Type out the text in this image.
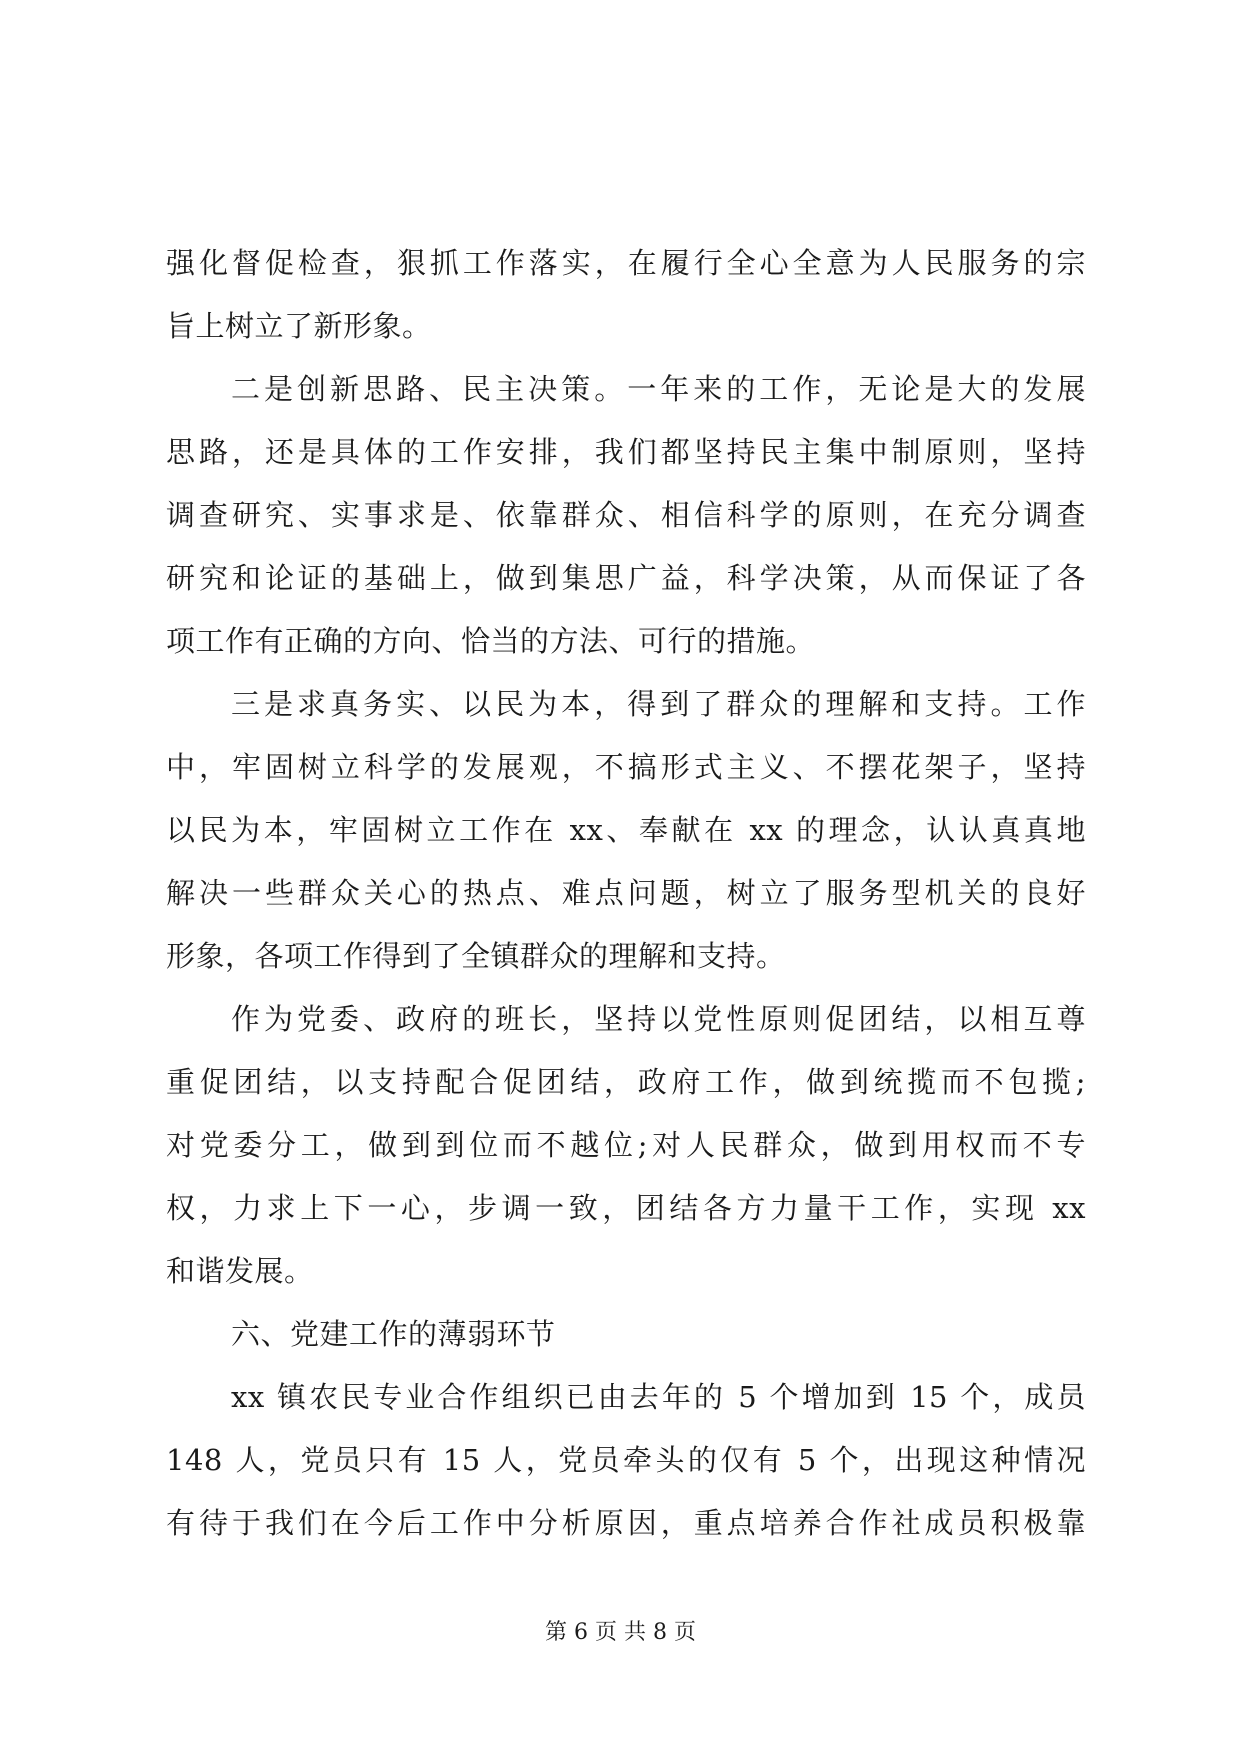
强化督促检查，狠抓工作落实，在履行全心全意为人民服务的宗
旨上树立了新形象。
二是创新思路、民主决策。一年来的工作，无论是大的发展
思路，还是具体的工作安排，我们都坚持民主集中制原则，坚持
调查研究、实事求是、依靠群众、相信科学的原则，在充分调查
研究和论证的基础上，做到集思广益，科学决策，从而保证了各
项工作有正确的方向、恰当的方法、可行的措施。
三是求真务实、以民为本，得到了群众的理解和支持。工作
中，牢固树立科学的发展观，不搞形式主义、不摆花架子，坚持
以民为本，牢固树立工作在 xx、奉献在 xx 的理念，认认真真地
解决一些群众关心的热点、难点问题，树立了服务型机关的良好
形象，各项工作得到了全镇群众的理解和支持。
作为党委、政府的班长，坚持以党性原则促团结，以相互尊
重促团结，以支持配合促团结，政府工作，做到统揽而不包揽;
对党委分工，做到到位而不越位;对人民群众，做到用权而不专
权，力求上下一心，步调一致，团结各方力量干工作，实现 xx
和谐发展。
六、党建工作的薄弱环节
xx 镇农民专业合作组织已由去年的 5 个增加到 15 个，成员
148 人，党员只有 15 人，党员牵头的仅有 5 个，出现这种情况
有待于我们在今后工作中分析原因，重点培养合作社成员积极靠
第 6 页 共 8 页
